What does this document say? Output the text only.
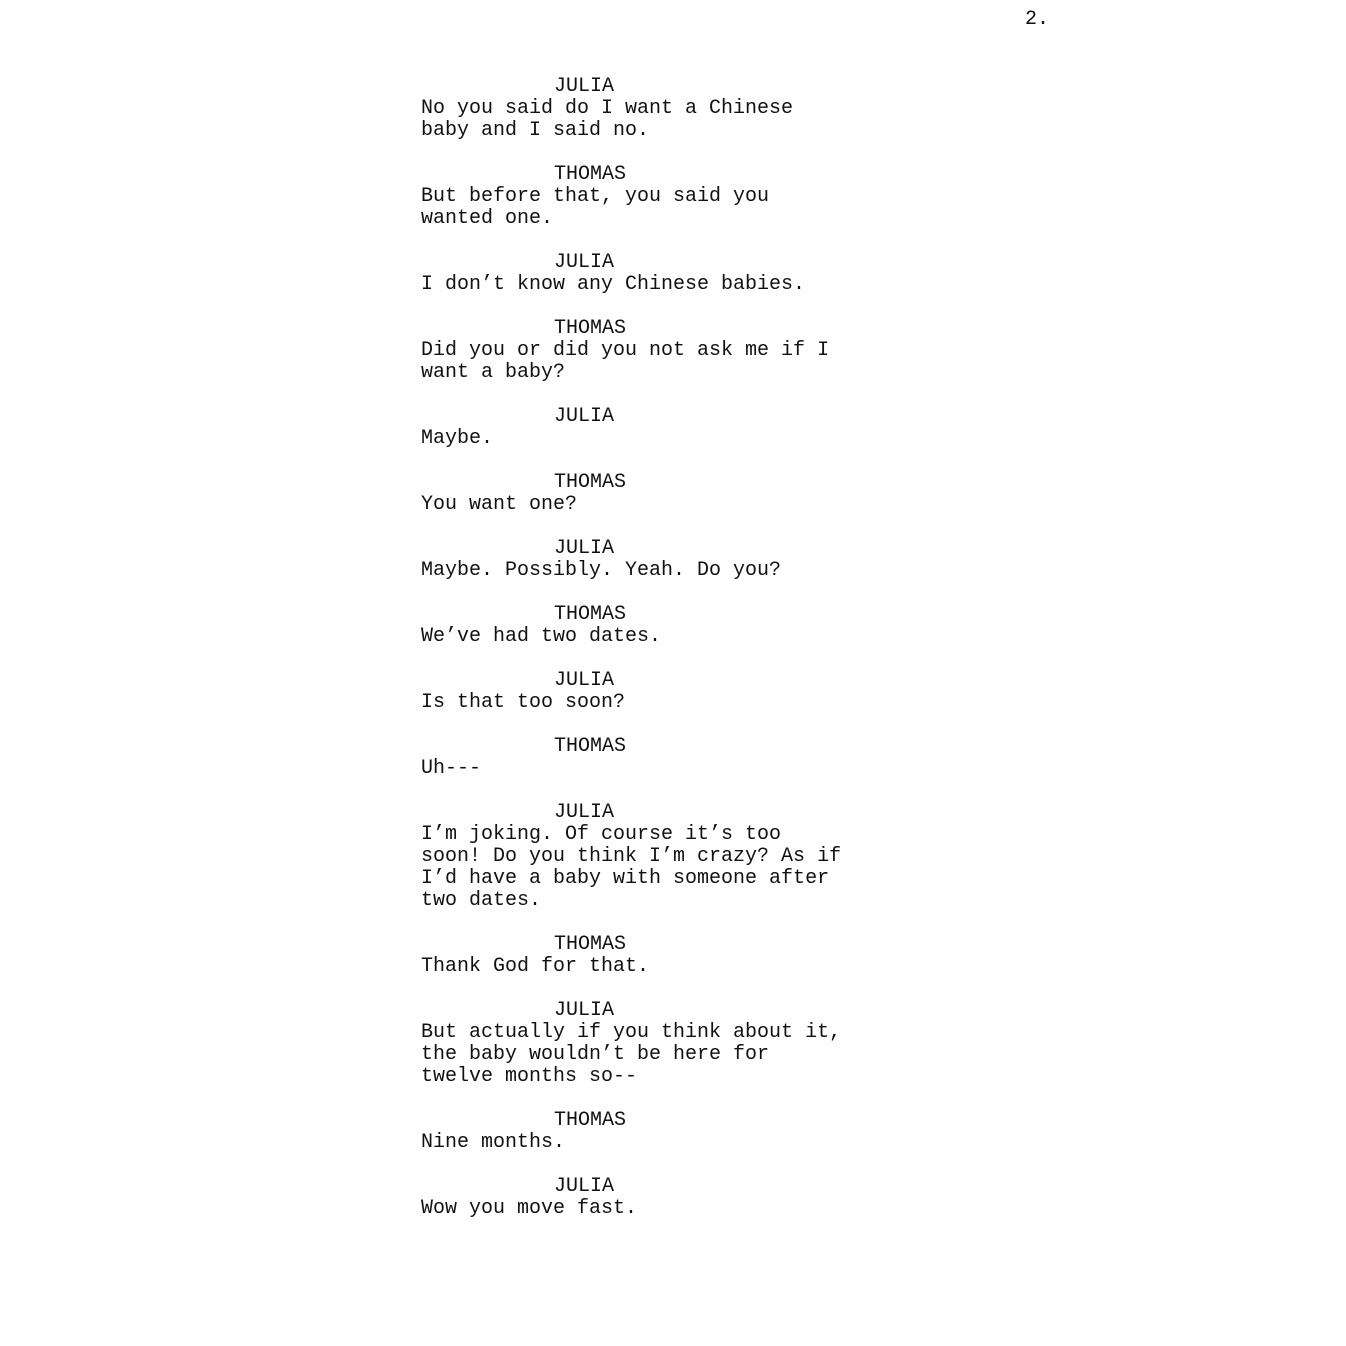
2.
JULIA
No you said do I want a Chinese
baby and I said no.
THOMAS
But before that, you said you
wanted one.
JULIA
I don’t know any Chinese babies.
THOMAS
Did you or did you not ask me if I
want a baby?
JULIA
Maybe.
THOMAS
You want one?
JULIA
Maybe. Possibly. Yeah. Do you?
THOMAS
We’ve had two dates.
JULIA
Is that too soon?
THOMAS
Uh---
JULIA
I’m joking. Of course it’s too
soon! Do you think I’m crazy? As if
I’d have a baby with someone after
two dates.
THOMAS
Thank God for that.
JULIA
But actually if you think about it,
the baby wouldn’t be here for
twelve months so--
THOMAS
Nine months.
JULIA
Wow you move fast.
